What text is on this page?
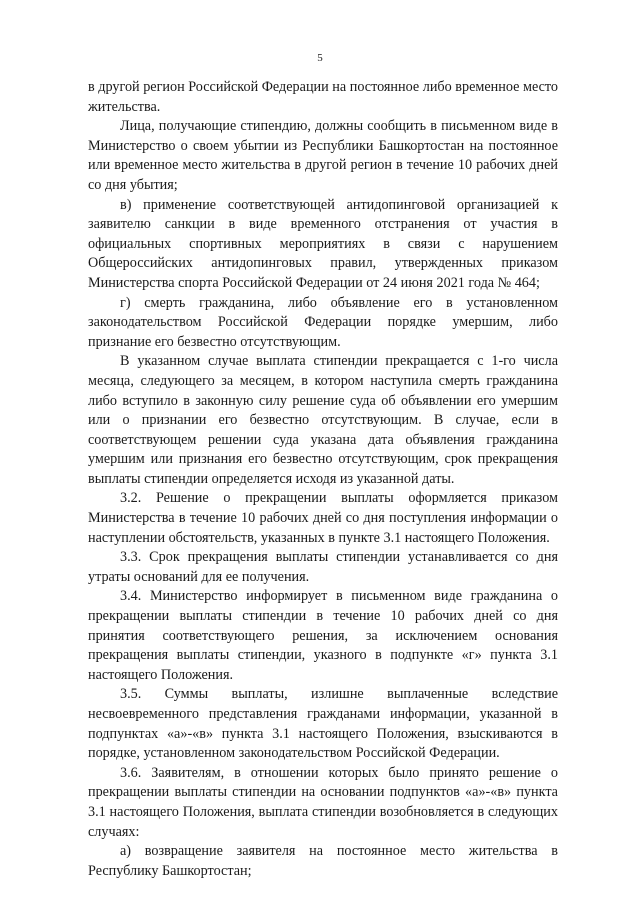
5

в другой регион Российской Федерации на постоянное либо временное место жительства.

Лица, получающие стипендию, должны сообщить в письменном виде в Министерство о своем убытии из Республики Башкортостан на постоянное или временное место жительства в другой регион в течение 10 рабочих дней со дня убытия;

в) применение соответствующей антидопинговой организацией к заявителю санкции в виде временного отстранения от участия в официальных спортивных мероприятиях в связи с нарушением Общероссийских антидопинговых правил, утвержденных приказом Министерства спорта Российской Федерации от 24 июня 2021 года № 464;

г) смерть гражданина, либо объявление его в установленном законодательством Российской Федерации порядке умершим, либо признание его безвестно отсутствующим.

В указанном случае выплата стипендии прекращается с 1-го числа месяца, следующего за месяцем, в котором наступила смерть гражданина либо вступило в законную силу решение суда об объявлении его умершим или о признании его безвестно отсутствующим. В случае, если в соответствующем решении суда указана дата объявления гражданина умершим или признания его безвестно отсутствующим, срок прекращения выплаты стипендии определяется исходя из указанной даты.

3.2. Решение о прекращении выплаты оформляется приказом Министерства в течение 10 рабочих дней со дня поступления информации о наступлении обстоятельств, указанных в пункте 3.1 настоящего Положения.

3.3. Срок прекращения выплаты стипендии устанавливается со дня утраты оснований для ее получения.

3.4. Министерство информирует в письменном виде гражданина о прекращении выплаты стипендии в течение 10 рабочих дней со дня принятия соответствующего решения, за исключением основания прекращения выплаты стипендии, указного в подпункте «г» пункта 3.1 настоящего Положения.

3.5. Суммы выплаты, излишне выплаченные вследствие несвоевременного представления гражданами информации, указанной в подпунктах «а»-«в» пункта 3.1 настоящего Положения, взыскиваются в порядке, установленном законодательством Российской Федерации.

3.6. Заявителям, в отношении которых было принято решение о прекращении выплаты стипендии на основании подпунктов «а»-«в» пункта 3.1 настоящего Положения, выплата стипендии возобновляется в следующих случаях:

а) возвращение заявителя на постоянное место жительства в Республику Башкортостан;
